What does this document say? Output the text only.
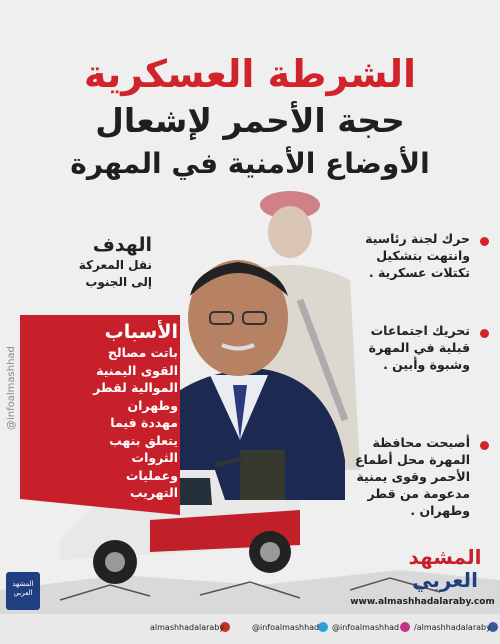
الشرطة العسكرية
حجة الأحمر لإشعال
الأوضاع الأمنية في المهرة
الهدف
نقل المعركة
إلى الجنوب
الأسباب
باتت مصالح
القوى اليمنية
الموالية لقطر
وطهران
مهددة فيما
يتعلق بنهب
الثروات
وعمليات
التهريب
حرك لجنة رئاسية
وانتهت بتشكيل
تكتلات عسكرية .
تحريك اجتماعات
قبلية في المهرة
وشبوة وأبين .
أصبحت محافظة
المهرة محل أطماع
الأحمر وقوى يمنية
مدعومة من قطر
وطهران .
المشهد
العربي
www.almashhadalaraby.com
@infoalmashhad
المشهد العربي
almashhadalaraby	@infoalmashhad @infoalmashhad /almashhadalaraby
